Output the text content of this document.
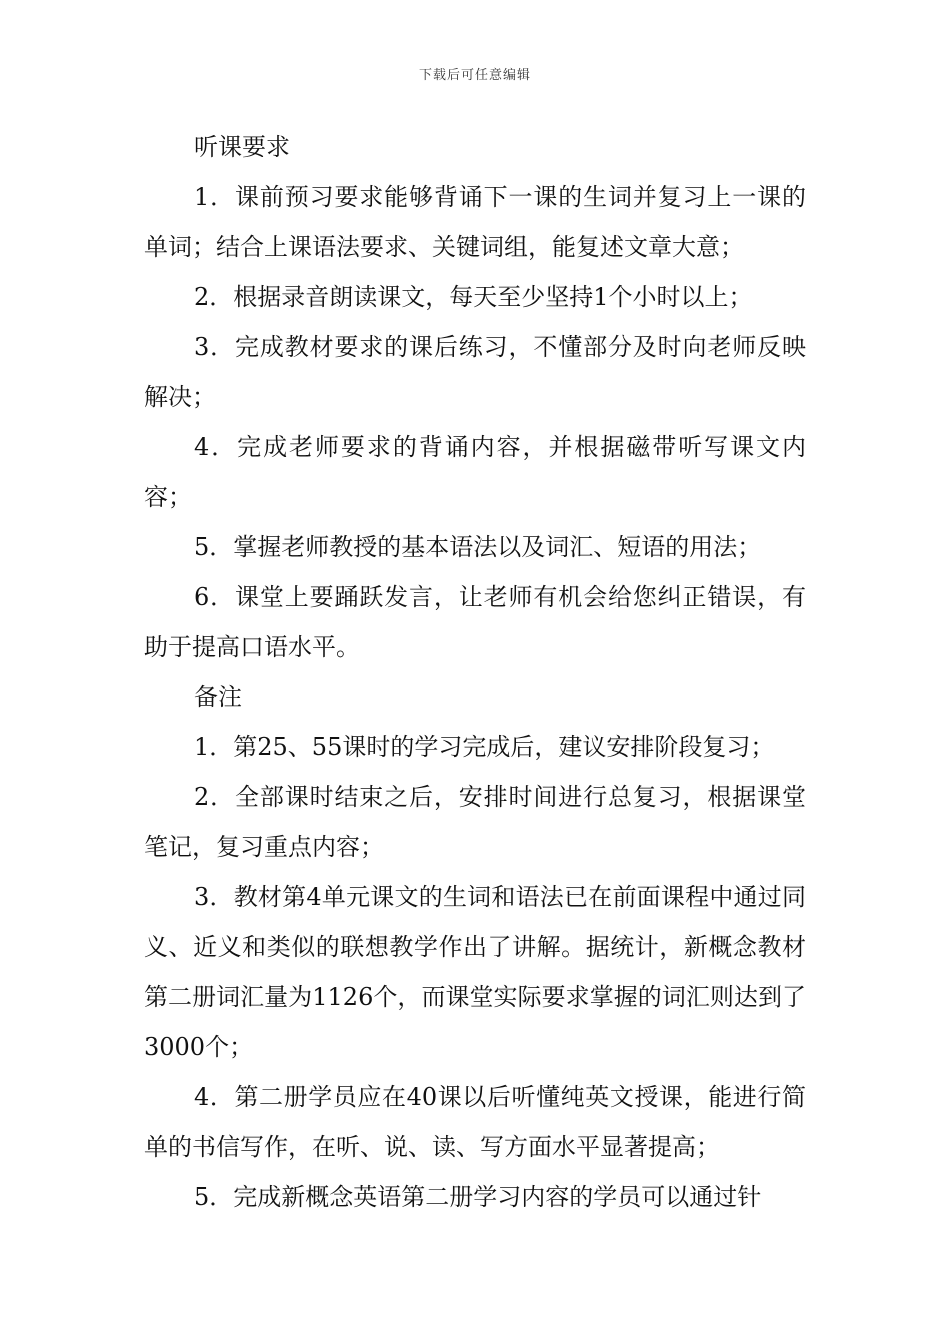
下载后可任意编辑

听课要求

1．课前预习要求能够背诵下一课的生词并复习上一课的单词；结合上课语法要求、关键词组，能复述文章大意；

2．根据录音朗读课文，每天至少坚持1个小时以上；

3．完成教材要求的课后练习，不懂部分及时向老师反映解决；

4．完成老师要求的背诵内容，并根据磁带听写课文内容；

5．掌握老师教授的基本语法以及词汇、短语的用法；

6．课堂上要踊跃发言，让老师有机会给您纠正错误，有助于提高口语水平。

备注

1．第25、55课时的学习完成后，建议安排阶段复习；

2．全部课时结束之后，安排时间进行总复习，根据课堂笔记，复习重点内容；

3．教材第4单元课文的生词和语法已在前面课程中通过同义、近义和类似的联想教学作出了讲解。据统计，新概念教材第二册词汇量为1126个，而课堂实际要求掌握的词汇则达到了3000个；

4．第二册学员应在40课以后听懂纯英文授课，能进行简单的书信写作，在听、说、读、写方面水平显著提高；

5．完成新概念英语第二册学习内容的学员可以通过针
